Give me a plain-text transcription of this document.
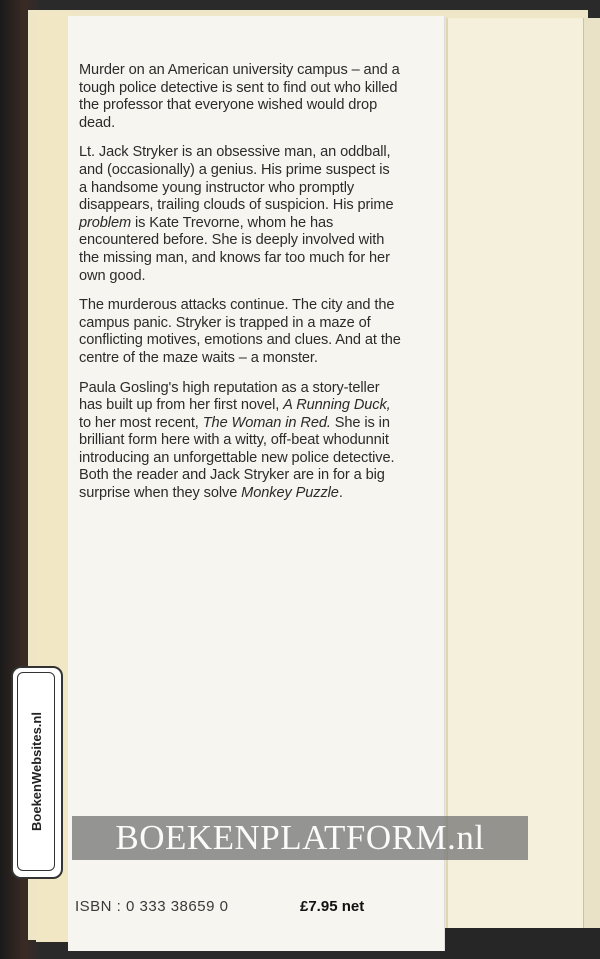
Murder on an American university campus – and a tough police detective is sent to find out who killed the professor that everyone wished would drop dead.

Lt. Jack Stryker is an obsessive man, an oddball, and (occasionally) a genius. His prime suspect is a handsome young instructor who promptly disappears, trailing clouds of suspicion. His prime problem is Kate Trevorne, whom he has encountered before. She is deeply involved with the missing man, and knows far too much for her own good.

The murderous attacks continue. The city and the campus panic. Stryker is trapped in a maze of conflicting motives, emotions and clues. And at the centre of the maze waits – a monster.

Paula Gosling's high reputation as a story-teller has built up from her first novel, A Running Duck, to her most recent, The Woman in Red. She is in brilliant form here with a witty, off-beat whodunnit introducing an unforgettable new police detective. Both the reader and Jack Stryker are in for a big surprise when they solve Monkey Puzzle.

BOEKENPLATFORM.nl
ISBN : 0 333 38659 0	£7.95 net
BoekenWebsites.nl
